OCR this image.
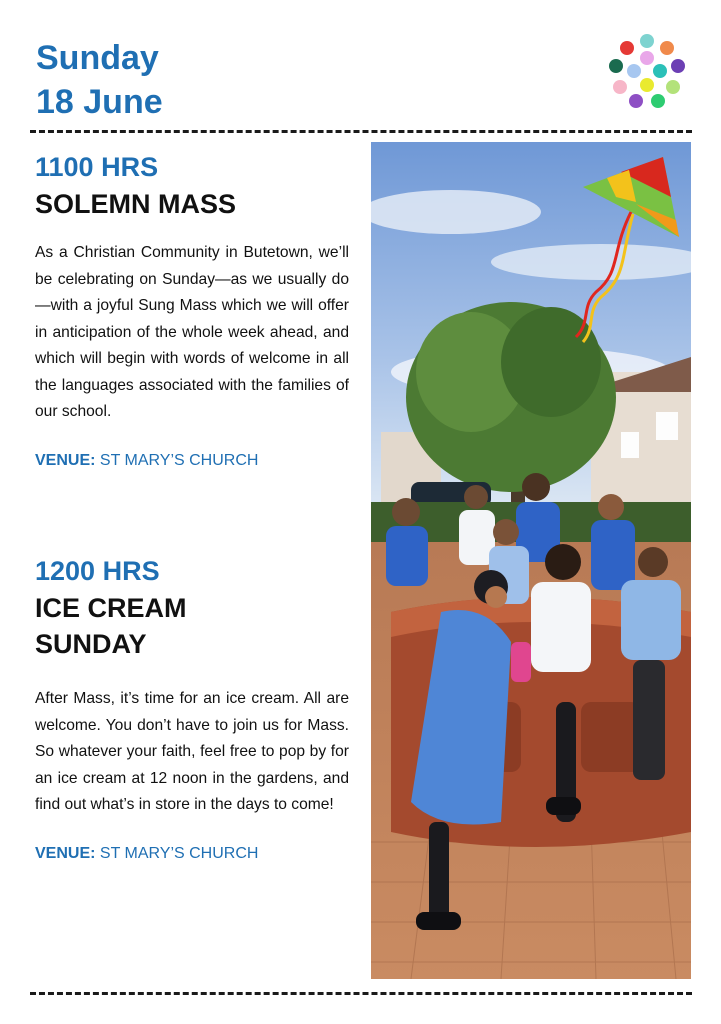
Sunday
18 June

1100 HRS

SOLEMN MASS

As a Christian Community in Butetown, we’ll be celebrating on Sunday—as we usually do—with a joyful Sung Mass which we will offer in anticipation of the whole week ahead, and which will begin with words of welcome in all the languages associated with the families of our school.

VENUE: ST MARY’S CHURCH

1200 HRS

ICE CREAM
SUNDAY

After Mass, it’s time for an ice cream. All are welcome. You don’t have to join us for Mass. So whatever your faith, feel free to pop by for an ice cream at 12 noon in the gardens, and find out what’s in store in the days to come!

VENUE: ST MARY’S CHURCH
